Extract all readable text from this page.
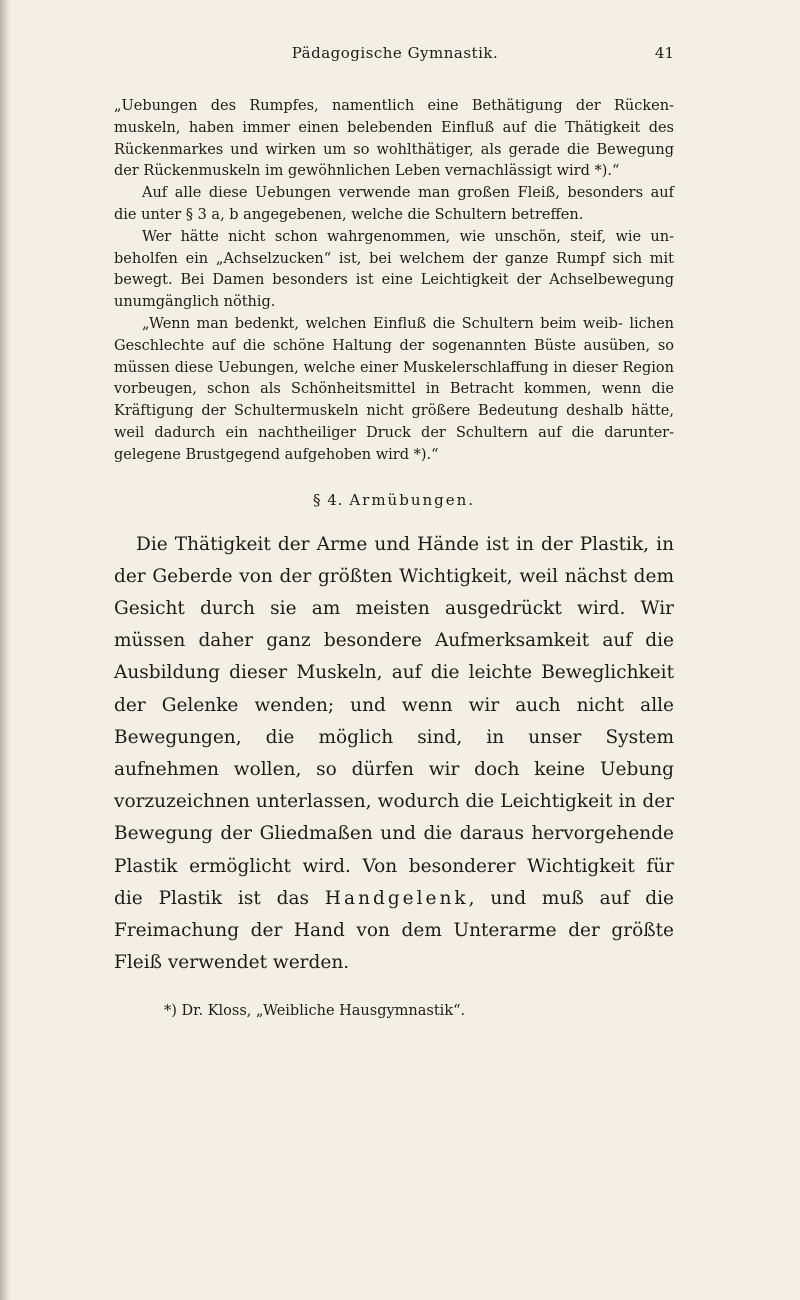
Pädagogische Gymnastik.	41

„Uebungen des Rumpfes, namentlich eine Bethätigung der Rücken- muskeln, haben immer einen belebenden Einfluß auf die Thätigkeit des Rückenmarkes und wirken um so wohlthätiger, als gerade die Bewegung der Rückenmuskeln im gewöhnlichen Leben vernachlässigt wird *).“

Auf alle diese Uebungen verwende man großen Fleiß, besonders auf die unter § 3 a, b angegebenen, welche die Schultern betreffen.

Wer hätte nicht schon wahrgenommen, wie unschön, steif, wie un- beholfen ein „Achselzucken“ ist, bei welchem der ganze Rumpf sich mit bewegt. Bei Damen besonders ist eine Leichtigkeit der Achselbewegung unumgänglich nöthig.

„Wenn man bedenkt, welchen Einfluß die Schultern beim weib- lichen Geschlechte auf die schöne Haltung der sogenannten Büste ausüben, so müssen diese Uebungen, welche einer Muskelerschlaffung in dieser Region vorbeugen, schon als Schönheitsmittel in Betracht kommen, wenn die Kräftigung der Schultermuskeln nicht größere Bedeutung deshalb hätte, weil dadurch ein nachtheiliger Druck der Schultern auf die darunter- gelegene Brustgegend aufgehoben wird *).“

§ 4. Armübungen.

Die Thätigkeit der Arme und Hände ist in der Plastik, in der Geberde von der größten Wichtigkeit, weil nächst dem Gesicht durch sie am meisten ausgedrückt wird. Wir müssen daher ganz besondere Aufmerksamkeit auf die Ausbildung dieser Muskeln, auf die leichte Beweglichkeit der Gelenke wenden; und wenn wir auch nicht alle Bewegungen, die möglich sind, in unser System aufnehmen wollen, so dürfen wir doch keine Uebung vorzuzeichnen unterlassen, wodurch die Leichtigkeit in der Bewegung der Gliedmaßen und die daraus hervorgehende Plastik ermöglicht wird. Von besonderer Wichtigkeit für die Plastik ist das Handgelenk, und muß auf die Freimachung der Hand von dem Unterarme der größte Fleiß verwendet werden.

*) Dr. Kloss, „Weibliche Hausgymnastik“.
